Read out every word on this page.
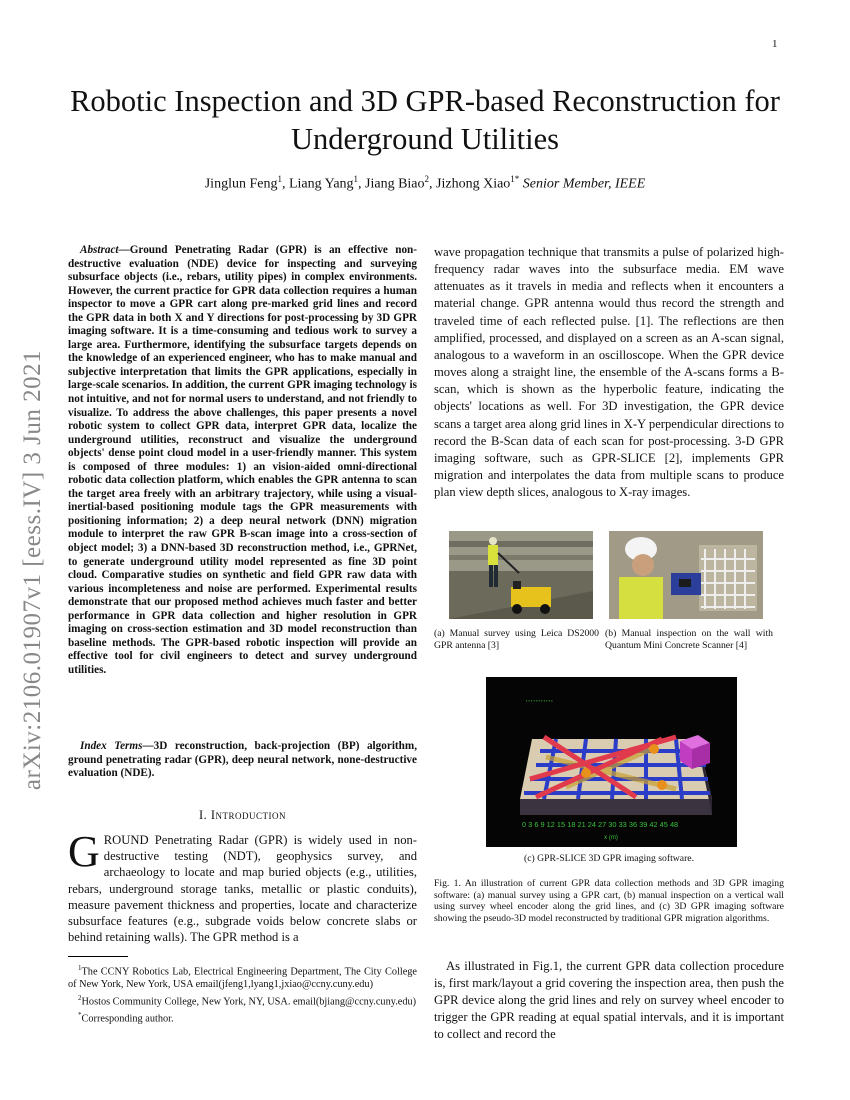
1
arXiv:2106.01907v1 [eess.IV] 3 Jun 2021
Robotic Inspection and 3D GPR-based Reconstruction for Underground Utilities
Jinglun Feng$^1$, Liang Yang$^1$, Jiang Biao$^2$, Jizhong Xiao$^{1*}$ Senior Member, IEEE
Abstract—Ground Penetrating Radar (GPR) is an effective non-destructive evaluation (NDE) device for inspecting and surveying subsurface objects (i.e., rebars, utility pipes) in complex environments. However, the current practice for GPR data collection requires a human inspector to move a GPR cart along pre-marked grid lines and record the GPR data in both X and Y directions for post-processing by 3D GPR imaging software. It is a time-consuming and tedious work to survey a large area. Furthermore, identifying the subsurface targets depends on the knowledge of an experienced engineer, who has to make manual and subjective interpretation that limits the GPR applications, especially in large-scale scenarios. In addition, the current GPR imaging technology is not intuitive, and not for normal users to understand, and not friendly to visualize. To address the above challenges, this paper presents a novel robotic system to collect GPR data, interpret GPR data, localize the underground utilities, reconstruct and visualize the underground objects' dense point cloud model in a user-friendly manner. This system is composed of three modules: 1) an vision-aided omni-directional robotic data collection platform, which enables the GPR antenna to scan the target area freely with an arbitrary trajectory, while using a visual-inertial-based positioning module tags the GPR measurements with positioning information; 2) a deep neural network (DNN) migration module to interpret the raw GPR B-scan image into a cross-section of object model; 3) a DNN-based 3D reconstruction method, i.e., GPRNet, to generate underground utility model represented as fine 3D point cloud. Comparative studies on synthetic and field GPR raw data with various incompleteness and noise are performed. Experimental results demonstrate that our proposed method achieves much faster and better performance in GPR data collection and higher resolution in GPR imaging on cross-section estimation and 3D model reconstruction than baseline methods. The GPR-based robotic inspection will provide an effective tool for civil engineers to detect and survey underground utilities.
Index Terms—3D reconstruction, back-projection (BP) algorithm, ground penetrating radar (GPR), deep neural network, none-destructive evaluation (NDE).
I. Introduction
GROUND Penetrating Radar (GPR) is widely used in non-destructive testing (NDT), geophysics survey, and archaeology to locate and map buried objects (e.g., utilities, rebars, underground storage tanks, metallic or plastic conduits), measure pavement thickness and properties, locate and characterize subsurface features (e.g., subgrade voids below concrete slabs or behind retaining walls). The GPR method is a

$^1$The CCNY Robotics Lab, Electrical Engineering Department, The City College of New York, New York, USA email(jfeng1,lyang1,jxiao@ccny.cuny.edu)

$^2$Hostos Community College, New York, NY, USA. email(bjiang@ccny.cuny.edu)

*Corresponding author.

wave propagation technique that transmits a pulse of polarized high-frequency radar waves into the subsurface media. EM wave attenuates as it travels in media and reflects when it encounters a material change. GPR antenna would thus record the strength and traveled time of each reflected pulse. [1]. The reflections are then amplified, processed, and displayed on a screen as an A-scan signal, analogous to a waveform in an oscilloscope. When the GPR device moves along a straight line, the ensemble of the A-scans forms a B-scan, which is shown as the hyperbolic feature, indicating the objects' locations as well. For 3D investigation, the GPR device scans a target area along grid lines in X-Y perpendicular directions to record the B-Scan data of each scan for post-processing. 3-D GPR imaging software, such as GPR-SLICE [2], implements GPR migration and interpolates the data from multiple scans to produce plan view depth slices, analogous to X-ray images.
(a) Manual survey using Leica DS2000 GPR antenna [3]
(b) Manual inspection on the wall with Quantum Mini Concrete Scanner [4]
▪ ▪ ▪ ▪ ▪ ▪ ▪ ▪ ▪ ▪ ▪
0 3 6 9 12 15 18 21 24 27 30 33 36 39 42 45 48
x (m)
(c) GPR-SLICE 3D GPR imaging software.
Fig. 1. An illustration of current GPR data collection methods and 3D GPR imaging software: (a) manual survey using a GPR cart, (b) manual inspection on a vertical wall using survey wheel encoder along the grid lines, and (c) 3D GPR imaging software showing the pseudo-3D model reconstructed by traditional GPR migration algorithms.
As illustrated in Fig.1, the current GPR data collection procedure is, first mark/layout a grid covering the inspection area, then push the GPR device along the grid lines and rely on survey wheel encoder to trigger the GPR reading at equal spatial intervals, and it is important to collect and record the
